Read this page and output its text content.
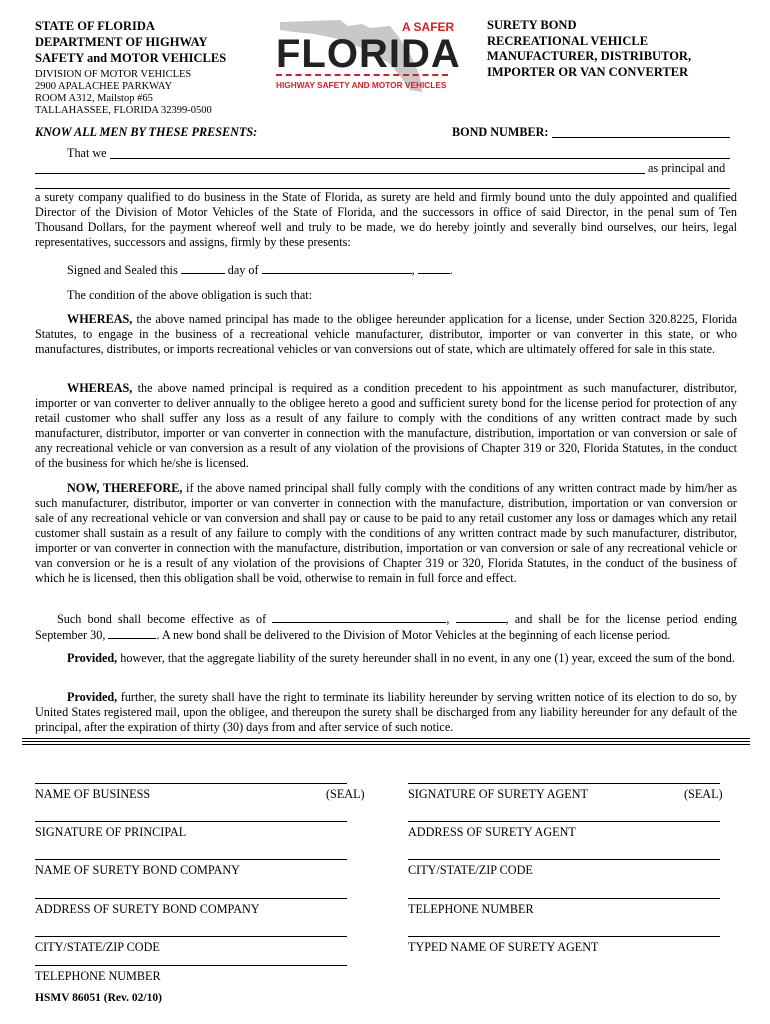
STATE OF FLORIDA
DEPARTMENT OF HIGHWAY
SAFETY and MOTOR VEHICLES
DIVISION OF MOTOR VEHICLES
2900 APALACHEE PARKWAY
ROOM A312, Mailstop #65
TALLAHASSEE, FLORIDA 32399-0500
A SAFER
FLORIDA
HIGHWAY SAFETY AND MOTOR VEHICLES
SURETY BOND
RECREATIONAL VEHICLE
MANUFACTURER, DISTRIBUTOR,
IMPORTER OR VAN CONVERTER
KNOW ALL MEN BY THESE PRESENTS:	BOND NUMBER:
That we
as principal and
a surety company qualified to do business in the State of Florida, as surety are held and firmly bound unto the duly appointed and qualified Director of the Division of Motor Vehicles of the State of Florida, and the successors in office of said Director, in the penal sum of Ten Thousand Dollars, for the payment whereof well and truly to be made, we do hereby jointly and severally bind ourselves, our heirs, legal representatives, successors and assigns, firmly by these presents:
Signed and Sealed this	day of	,	.
The condition of the above obligation is such that:
WHEREAS, the above named principal has made to the obligee hereunder application for a license, under Section 320.8225, Florida Statutes, to engage in the business of a recreational vehicle manufacturer, distributor, importer or van converter in this state, or who manufactures, distributes, or imports recreational vehicles or van conversions out of state, which are ultimately offered for sale in this state.
WHEREAS, the above named principal is required as a condition precedent to his appointment as such manufacturer, distributor, importer or van converter to deliver annually to the obligee hereto a good and sufficient surety bond for the license period for protection of any retail customer who shall suffer any loss as a result of any failure to comply with the conditions of any written contract made by such manufacturer, distributor, importer or van converter in connection with the manufacture, distribution, importation or van conversion or sale of any recreational vehicle or van conversion as a result of any violation of the provisions of Chapter 319 or 320, Florida Statutes, in the conduct of the business for which he/she is licensed.
NOW, THEREFORE, if the above named principal shall fully comply with the conditions of any written contract made by him/her as such manufacturer, distributor, importer or van converter in connection with the manufacture, distribution, importation or van conversion or sale of any recreational vehicle or van conversion and shall pay or cause to be paid to any retail customer any loss or damages which any retail customer shall sustain as a result of any failure to comply with the conditions of any written contract made by such manufacturer, distributor, importer or van converter in connection with the manufacture, distribution, importation or van conversion or sale of any recreational vehicle or van conversion or he is a result of any violation of the provisions of Chapter 319 or 320, Florida Statutes, in the conduct of the business of which he is licensed, then this obligation shall be void, otherwise to remain in full force and effect.
Such bond shall become effective as of	,	, and shall be for the license period ending September 30,	. A new bond shall be delivered to the Division of Motor Vehicles at the beginning of each license period.
Provided, however, that the aggregate liability of the surety hereunder shall in no event, in any one (1) year, exceed the sum of the bond.
Provided, further, the surety shall have the right to terminate its liability hereunder by serving written notice of its election to do so, by United States registered mail, upon the obligee, and thereupon the surety shall be discharged from any liability hereunder for any default of the principal, after the expiration of thirty (30) days from and after service of such notice.
NAME OF BUSINESS	(SEAL)
SIGNATURE OF PRINCIPAL
NAME OF SURETY BOND COMPANY
ADDRESS OF SURETY BOND COMPANY
CITY/STATE/ZIP CODE
TELEPHONE NUMBER
SIGNATURE OF SURETY AGENT	(SEAL)
ADDRESS OF SURETY AGENT
CITY/STATE/ZIP CODE
TELEPHONE NUMBER
TYPED NAME OF SURETY AGENT
HSMV 86051 (Rev. 02/10)
